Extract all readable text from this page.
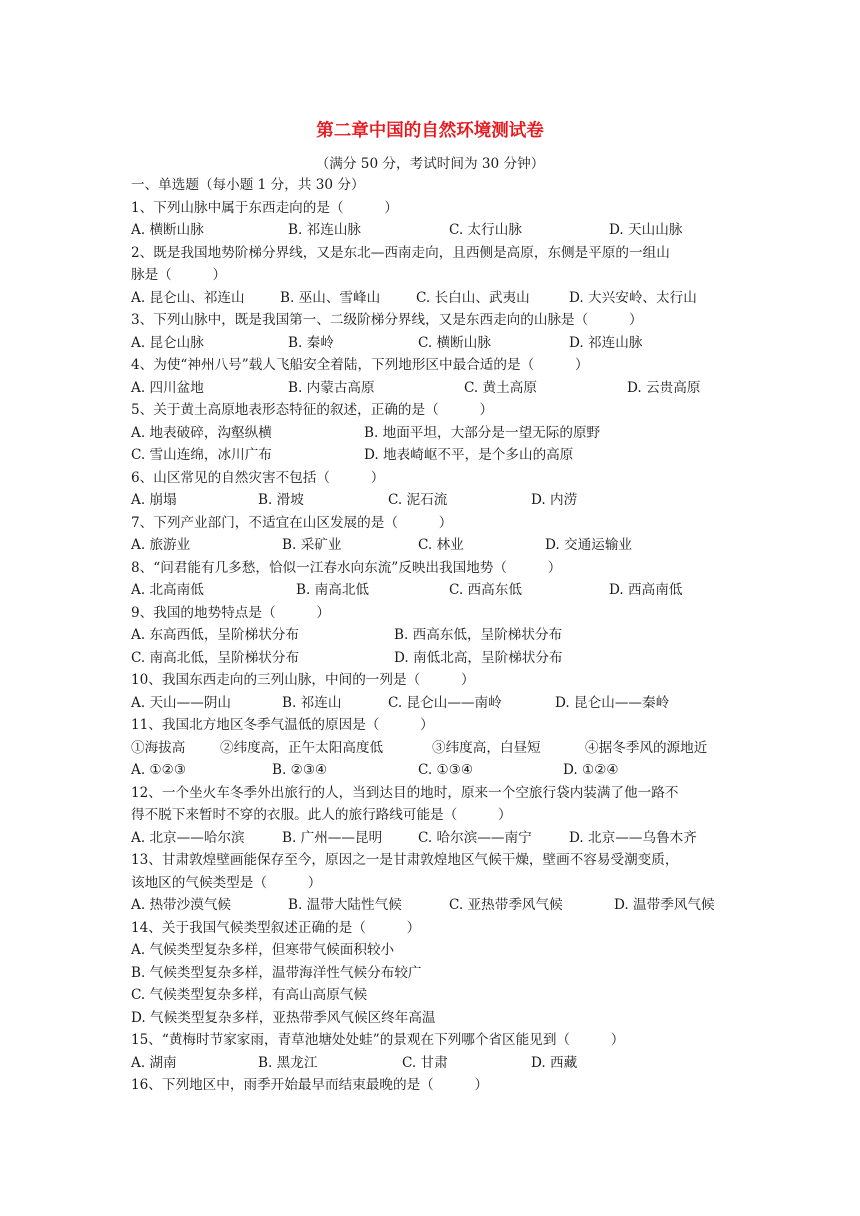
第二章中国的自然环境测试卷
（满分 50 分，考试时间为 30 分钟）
一、单选题（每小题 1 分，共 30 分）
1、下列山脉中属于东西走向的是（　　　）
A. 横断山脉	B. 祁连山脉	C. 太行山脉	D. 天山山脉
2、既是我国地势阶梯分界线，又是东北—西南走向，且西侧是高原，东侧是平原的一组山
脉是（　　　）
A. 昆仑山、祁连山	B. 巫山、雪峰山	C. 长白山、武夷山	D. 大兴安岭、太行山
3、下列山脉中，既是我国第一、二级阶梯分界线，又是东西走向的山脉是（　　　）
A. 昆仑山脉	B. 秦岭	C. 横断山脉	D. 祁连山脉
4、为使“神州八号”载人飞船安全着陆，下列地形区中最合适的是（　　　）
A. 四川盆地	B. 内蒙古高原	C. 黄土高原	D. 云贵高原
5、关于黄土高原地表形态特征的叙述，正确的是（　　　）
A. 地表破碎，沟壑纵横	B. 地面平坦，大部分是一望无际的原野
C. 雪山连绵，冰川广布	D. 地表崎岖不平，是个多山的高原
6、山区常见的自然灾害不包括（　　　）
A. 崩塌	B. 滑坡	C. 泥石流	D. 内涝
7、下列产业部门，不适宜在山区发展的是（　　　）
A. 旅游业	B. 采矿业	C. 林业	D. 交通运输业
8、“问君能有几多愁，恰似一江春水向东流”反映出我国地势（　　　）
A. 北高南低	B. 南高北低	C. 西高东低	D. 西高南低
9、我国的地势特点是（　　　）
A. 东高西低，呈阶梯状分布	B. 西高东低，呈阶梯状分布
C. 南高北低，呈阶梯状分布	D. 南低北高，呈阶梯状分布
10、我国东西走向的三列山脉，中间的一列是（　　　）
A. 天山——阴山	B. 祁连山	C. 昆仑山——南岭	D. 昆仑山——秦岭
11、我国北方地区冬季气温低的原因是（　　　）
①海拔高	②纬度高，正午太阳高度低	③纬度高，白昼短	④据冬季风的源地近
A. ①②③	B. ②③④	C. ①③④	D. ①②④
12、一个坐火车冬季外出旅行的人，当到达目的地时，原来一个空旅行袋内装满了他一路不
得不脱下来暂时不穿的衣服。此人的旅行路线可能是（　　　）
A. 北京——哈尔滨	B. 广州——昆明	C. 哈尔滨——南宁	D. 北京——乌鲁木齐
13、甘肃敦煌壁画能保存至今，原因之一是甘肃敦煌地区气候干燥，壁画不容易受潮变质，
该地区的气候类型是（　　　）
A. 热带沙漠气候	B. 温带大陆性气候	C. 亚热带季风气候	D. 温带季风气候
14、关于我国气候类型叙述正确的是（　　　）
A. 气候类型复杂多样，但寒带气候面积较小
B. 气候类型复杂多样，温带海洋性气候分布较广
C. 气候类型复杂多样，有高山高原气候
D. 气候类型复杂多样，亚热带季风气候区终年高温
15、“黄梅时节家家雨，青草池塘处处蛙”的景观在下列哪个省区能见到（　　　）
A. 湖南	B. 黑龙江	C. 甘肃	D. 西藏
16、下列地区中，雨季开始最早而结束最晚的是（　　　）
